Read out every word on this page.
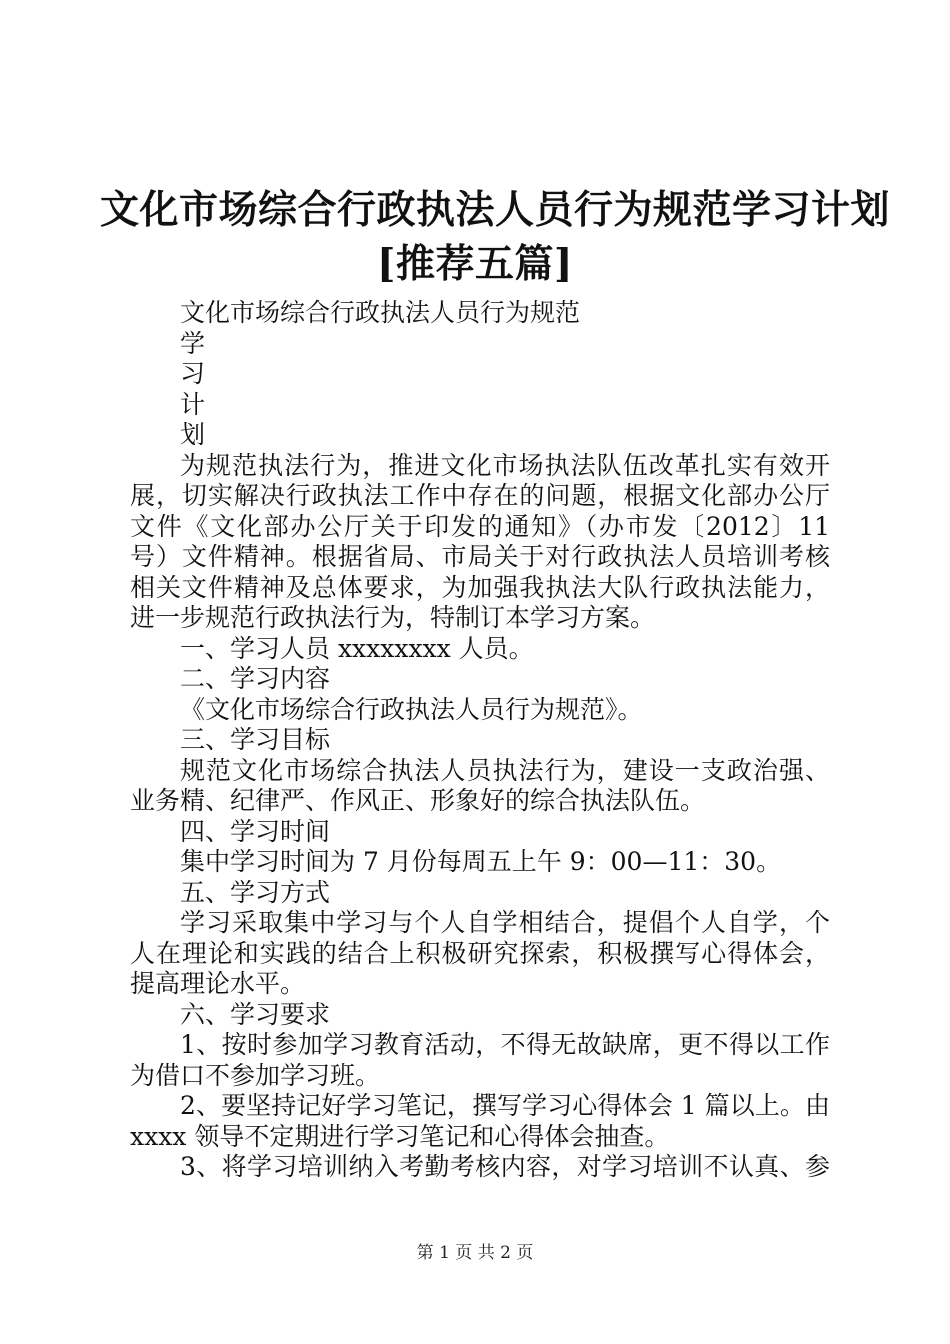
文化市场综合行政执法人员行为规范学习计划
[推荐五篇]
文化市场综合行政执法人员行为规范
学
习
计
划
为规范执法行为，推进文化市场执法队伍改革扎实有效开
展，切实解决行政执法工作中存在的问题，根据文化部办公厅
文件《文化部办公厅关于印发的通知》（办市发〔2012〕11
号）文件精神。根据省局、市局关于对行政执法人员培训考核
相关文件精神及总体要求，为加强我执法大队行政执法能力，
进一步规范行政执法行为，特制订本学习方案。
一、学习人员 xxxxxxxx 人员。
二、学习内容
《文化市场综合行政执法人员行为规范》。
三、学习目标
规范文化市场综合执法人员执法行为，建设一支政治强、
业务精、纪律严、作风正、形象好的综合执法队伍。
四、学习时间
集中学习时间为 7 月份每周五上午 9：00—11：30。
五、学习方式
学习采取集中学习与个人自学相结合，提倡个人自学，个
人在理论和实践的结合上积极研究探索，积极撰写心得体会，
提高理论水平。
六、学习要求
1、按时参加学习教育活动，不得无故缺席，更不得以工作
为借口不参加学习班。
2、要坚持记好学习笔记，撰写学习心得体会 1 篇以上。由
xxxx 领导不定期进行学习笔记和心得体会抽查。
3、将学习培训纳入考勤考核内容，对学习培训不认真、参
第 1 页 共 2 页
